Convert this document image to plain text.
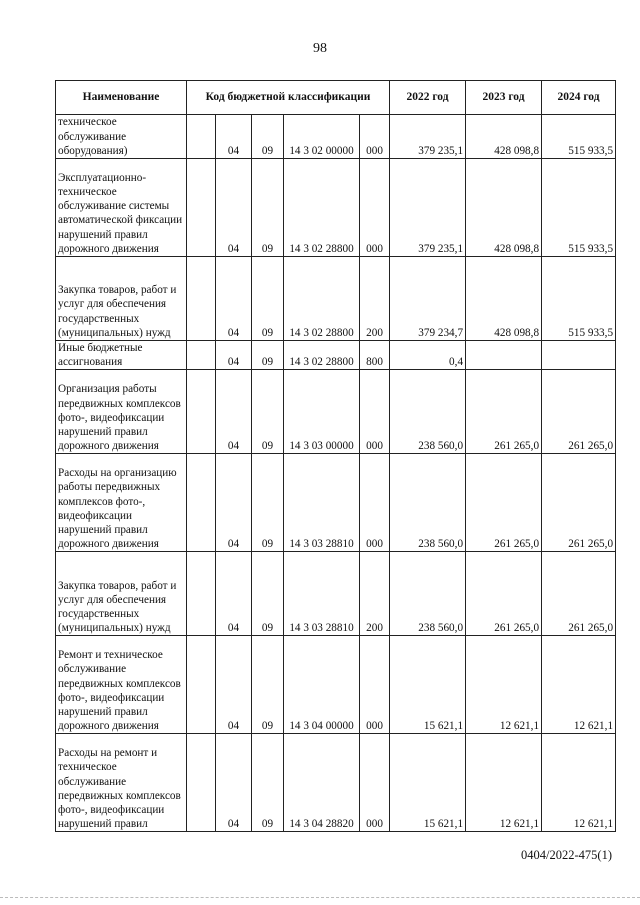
98
Наименование	Код бюджетной классификации					2022 год	2023 год	2024 год
техническое обслуживание оборудования)		04	09	14 3 02 00000	000	379 235,1	428 098,8	515 933,5
Эксплуатационно-техническое обслуживание системы автоматической фиксации нарушений правил дорожного движения		04	09	14 3 02 28800	000	379 235,1	428 098,8	515 933,5
Закупка товаров, работ и услуг для обеспечения государственных (муниципальных) нужд		04	09	14 3 02 28800	200	379 234,7	428 098,8	515 933,5
Иные бюджетные ассигнования		04	09	14 3 02 28800	800	0,4		
Организация работы передвижных комплексов фото-, видеофиксации нарушений правил дорожного движения		04	09	14 3 03 00000	000	238 560,0	261 265,0	261 265,0
Расходы на организацию работы передвижных комплексов фото-, видеофиксации нарушений правил дорожного движения		04	09	14 3 03 28810	000	238 560,0	261 265,0	261 265,0
Закупка товаров, работ и услуг для обеспечения государственных (муниципальных) нужд		04	09	14 3 03 28810	200	238 560,0	261 265,0	261 265,0
Ремонт и техническое обслуживание передвижных комплексов фото-, видеофиксации нарушений правил дорожного движения		04	09	14 3 04 00000	000	15 621,1	12 621,1	12 621,1
Расходы на ремонт и техническое обслуживание передвижных комплексов фото-, видеофиксации нарушений правил		04	09	14 3 04 28820	000	15 621,1	12 621,1	12 621,1
0404/2022-475(1)
